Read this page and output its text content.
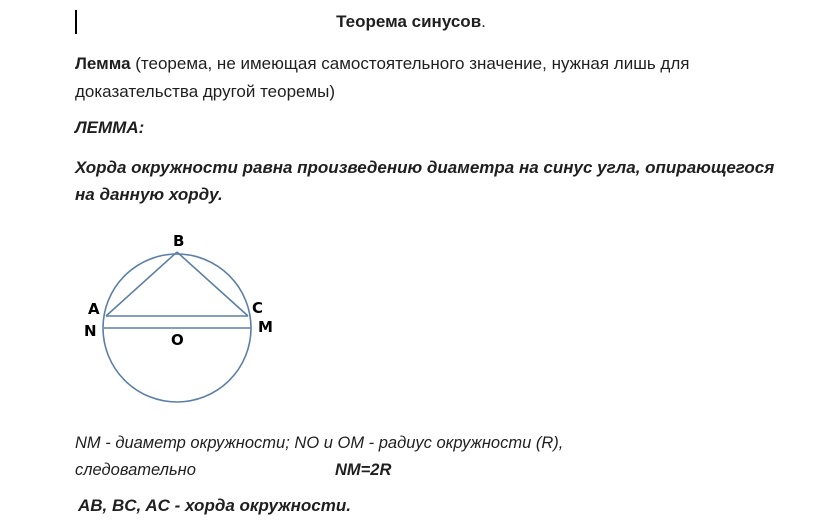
Теорема синусов.
Лемма (теорема, не имеющая самостоятельного значение, нужная лишь для доказательства другой теоремы)
ЛЕММА:
Хорда окружности равна произведению диаметра на синус угла, опирающегося на данную хорду.
B
A
N
C
M
O
NM - диаметр окружности; NO и OM - радиус окружности (R),
следовательно	NM=2R
AB, BC, AC - хорда окружности.
